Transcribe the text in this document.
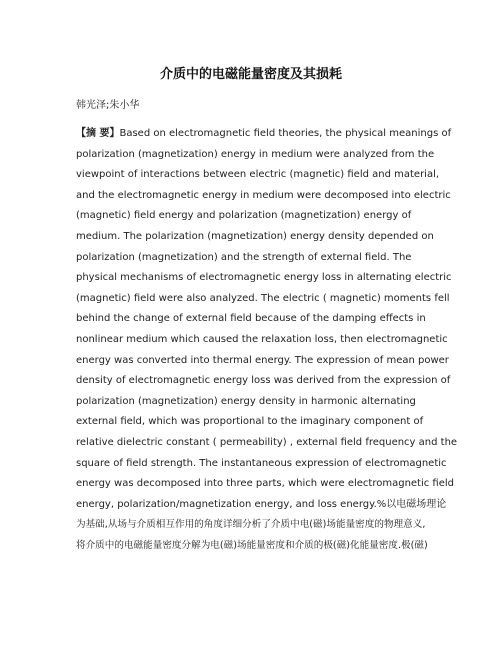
介质中的电磁能量密度及其损耗
韩光泽;朱小华
【摘 要】Based on electromagnetic field theories, the physical meanings of
polarization (magnetization) energy in medium were analyzed from the
viewpoint of interactions between electric (magnetic) field and material,
and the electromagnetic energy in medium were decomposed into electric
(magnetic) field energy and polarization (magnetization) energy of
medium. The polarization (magnetization) energy density depended on
polarization (magnetization) and the strength of external field. The
physical mechanisms of electromagnetic energy loss in alternating electric
(magnetic) field were also analyzed. The electric ( magnetic) moments fell
behind the change of external field because of the damping effects in
nonlinear medium which caused the relaxation loss, then electromagnetic
energy was converted into thermal energy. The expression of mean power
density of electromagnetic energy loss was derived from the expression of
polarization (magnetization) energy density in harmonic alternating
external field, which was proportional to the imaginary component of
relative dielectric constant ( permeability) , external field frequency and the
square of field strength. The instantaneous expression of electromagnetic
energy was decomposed into three parts, which were electromagnetic field
energy, polarization/magnetization energy, and loss energy.%以电磁场理论
为基础,从场与介质相互作用的角度详细分析了介质中电(磁)场能量密度的物理意义,
将介质中的电磁能量密度分解为电(磁)场能量密度和介质的极(磁)化能量密度.极(磁)
